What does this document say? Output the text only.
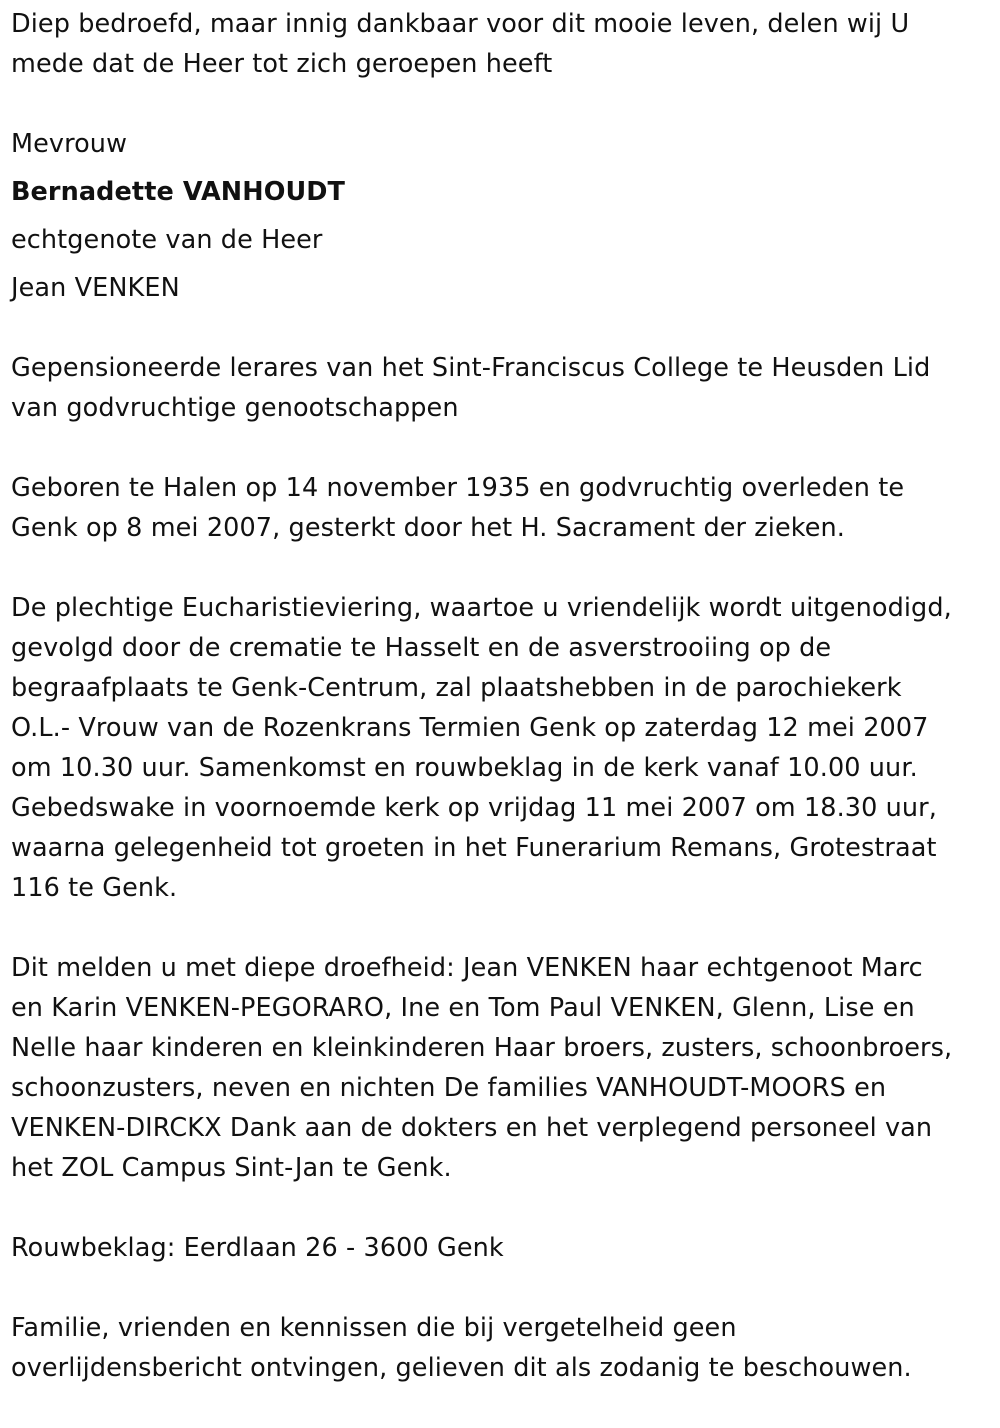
Diep bedroefd, maar innig dankbaar voor dit mooie leven, delen wij U
mede dat de Heer tot zich geroepen heeft
Mevrouw
Bernadette VANHOUDT
echtgenote van de Heer
Jean VENKEN
Gepensioneerde lerares van het Sint-Franciscus College te Heusden Lid
van godvruchtige genootschappen
Geboren te Halen op 14 november 1935 en godvruchtig overleden te
Genk op 8 mei 2007, gesterkt door het H. Sacrament der zieken.
De plechtige Eucharistieviering, waartoe u vriendelijk wordt uitgenodigd,
gevolgd door de crematie te Hasselt en de asverstrooiing op de
begraafplaats te Genk-Centrum, zal plaatshebben in de parochiekerk
O.L.- Vrouw van de Rozenkrans Termien Genk op zaterdag 12 mei 2007
om 10.30 uur. Samenkomst en rouwbeklag in de kerk vanaf 10.00 uur.
Gebedswake in voornoemde kerk op vrijdag 11 mei 2007 om 18.30 uur,
waarna gelegenheid tot groeten in het Funerarium Remans, Grotestraat
116 te Genk.
Dit melden u met diepe droefheid: Jean VENKEN haar echtgenoot Marc
en Karin VENKEN-PEGORARO, Ine en Tom Paul VENKEN, Glenn, Lise en
Nelle haar kinderen en kleinkinderen Haar broers, zusters, schoonbroers,
schoonzusters, neven en nichten De families VANHOUDT-MOORS en
VENKEN-DIRCKX Dank aan de dokters en het verplegend personeel van
het ZOL Campus Sint-Jan te Genk.
Rouwbeklag: Eerdlaan 26 - 3600 Genk
Familie, vrienden en kennissen die bij vergetelheid geen
overlijdensbericht ontvingen, gelieven dit als zodanig te beschouwen.
